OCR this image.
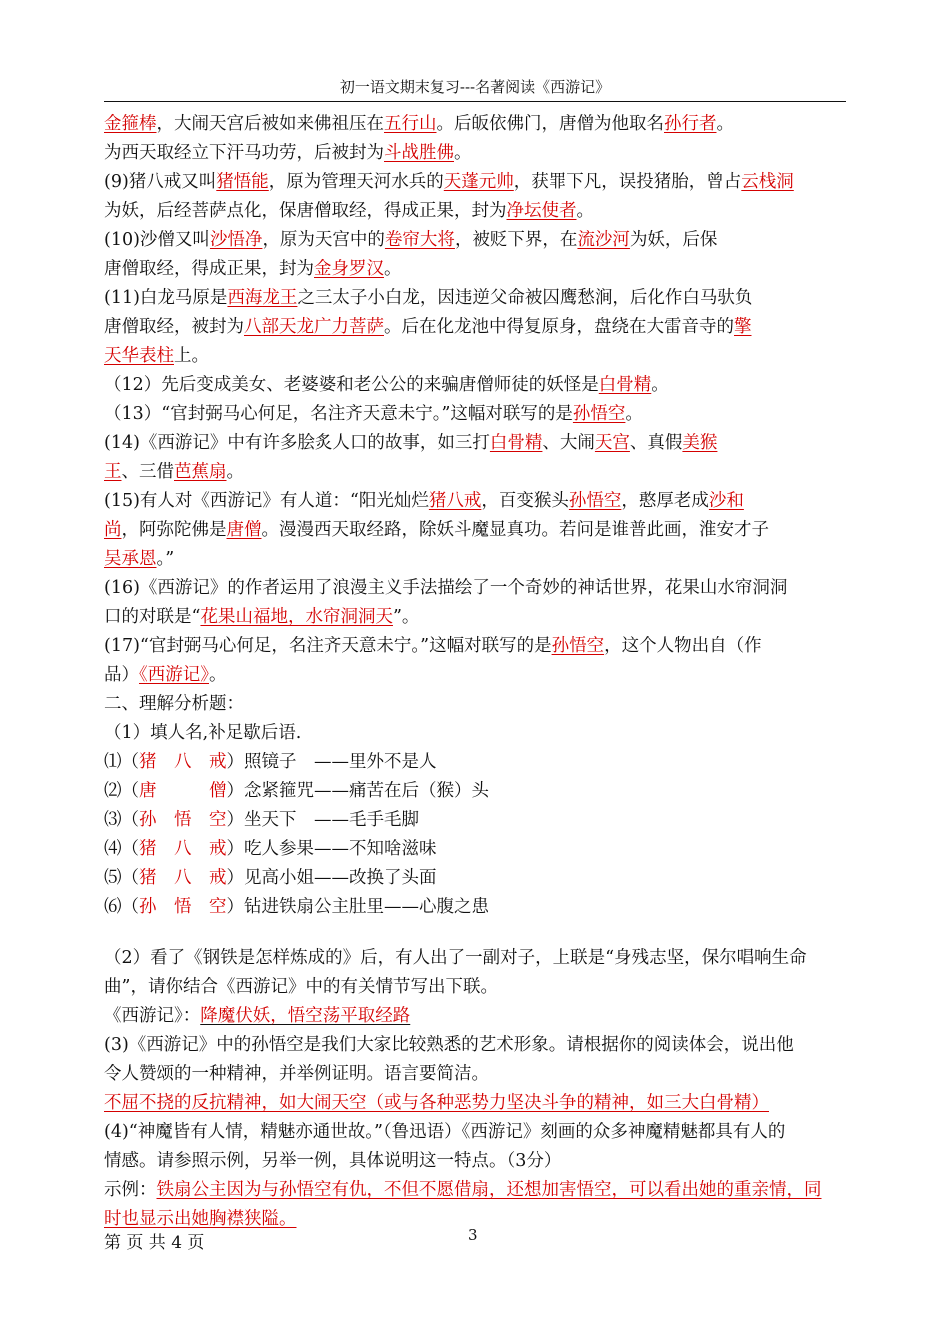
初一语文期末复习---名著阅读《西游记》
金箍棒，大闹天宫后被如来佛祖压在五行山。后皈依佛门，唐僧为他取名孙行者。
为西天取经立下汗马功劳，后被封为斗战胜佛。
(9)猪八戒又叫猪悟能，原为管理天河水兵的天蓬元帅，获罪下凡，误投猪胎，曾占云栈洞
为妖，后经菩萨点化，保唐僧取经，得成正果，封为净坛使者。
(10)沙僧又叫沙悟净，原为天宫中的卷帘大将，被贬下界，在流沙河为妖，后保
唐僧取经，得成正果，封为金身罗汉。
(11)白龙马原是西海龙王之三太子小白龙，因违逆父命被囚鹰愁涧，后化作白马驮负
唐僧取经，被封为八部天龙广力菩萨。后在化龙池中得复原身，盘绕在大雷音寺的擎
天华表柱上。
（12）先后变成美女、老婆婆和老公公的来骗唐僧师徒的妖怪是白骨精。
（13）“官封弼马心何足，名注齐天意未宁。”这幅对联写的是孙悟空。
(14)《西游记》中有许多脍炙人口的故事，如三打白骨精、大闹天宫、真假美猴
王、三借芭蕉扇。
(15)有人对《西游记》有人道：“阳光灿烂猪八戒，百变猴头孙悟空，憨厚老成沙和
尚，阿弥陀佛是唐僧。漫漫西天取经路，除妖斗魔显真功。若问是谁普此画，淮安才子
吴承恩。”
(16)《西游记》的作者运用了浪漫主义手法描绘了一个奇妙的神话世界，花果山水帘洞洞
口的对联是“花果山福地，水帘洞洞天”。
(17)“官封弼马心何足，名注齐天意未宁。”这幅对联写的是孙悟空，这个人物出自（作
品）《西游记》。
二、理解分析题：
（1）填人名,补足歇后语.
⑴（猪　八　戒）照镜子　——里外不是人
⑵（唐　　　僧）念紧箍咒——痛苦在后（猴）头
⑶（孙　悟　空）坐天下　——毛手毛脚
⑷（猪　八　戒）吃人参果——不知啥滋味
⑸（猪　八　戒）见高小姐——改换了头面
⑹（孙　悟　空）钻进铁扇公主肚里——心腹之患
（2）看了《钢铁是怎样炼成的》后，有人出了一副对子，上联是“身残志坚，保尔唱响生命
曲”，请你结合《西游记》中的有关情节写出下联。
《西游记》：降魔伏妖，悟空荡平取经路
(3)《西游记》中的孙悟空是我们大家比较熟悉的艺术形象。请根据你的阅读体会，说出他
令人赞颂的一种精神，并举例证明。语言要简洁。
不屈不挠的反抗精神，如大闹天空（或与各种恶势力坚决斗争的精神，如三大白骨精）
(4)“神魔皆有人情，精魅亦通世故。”（鲁迅语）《西游记》刻画的众多神魔精魅都具有人的
情感。请参照示例，另举一例，具体说明这一特点。（3分）
示例：铁扇公主因为与孙悟空有仇，不但不愿借扇，还想加害悟空，可以看出她的重亲情，同
时也显示出她胸襟狭隘。
第 页 共 4 页	3
